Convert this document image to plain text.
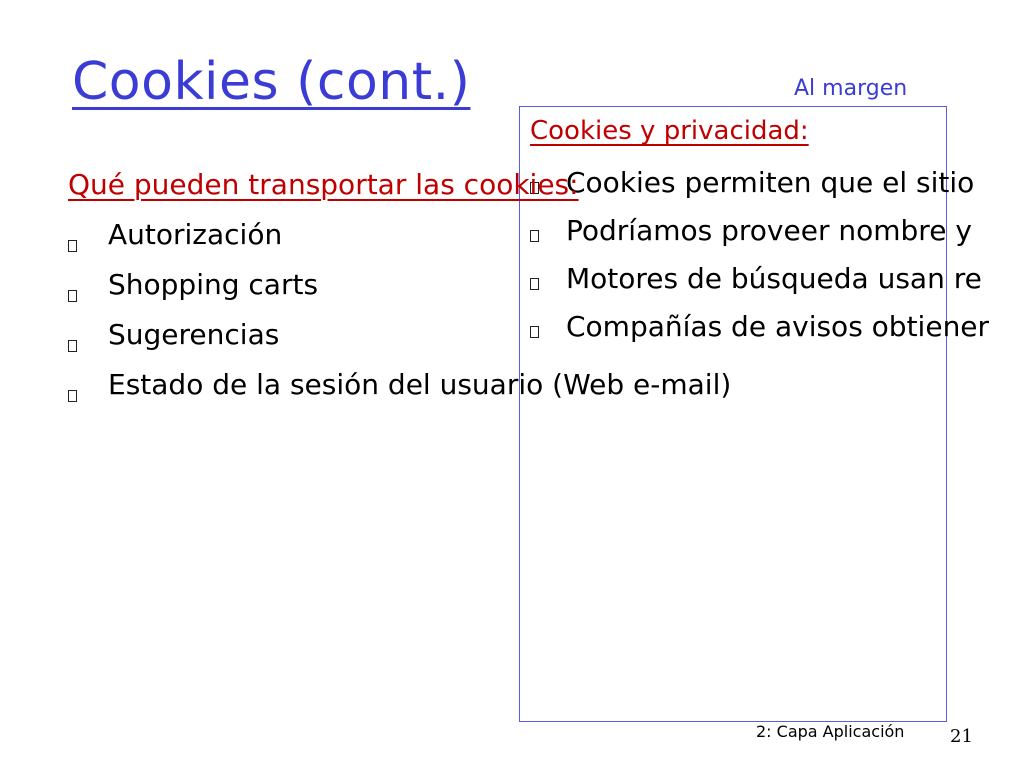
Cookies (cont.)	Al margen
Cookies y privacidad:
Cookies permiten que el sitio
Podríamos proveer nombre y
Motores de búsqueda usan re
Compañías de avisos obtiener
Qué pueden transportar las cookies:
Autorización
Shopping carts
Sugerencias
Estado de la sesión del usuario (Web e-mail)
2: Capa Aplicación	21
